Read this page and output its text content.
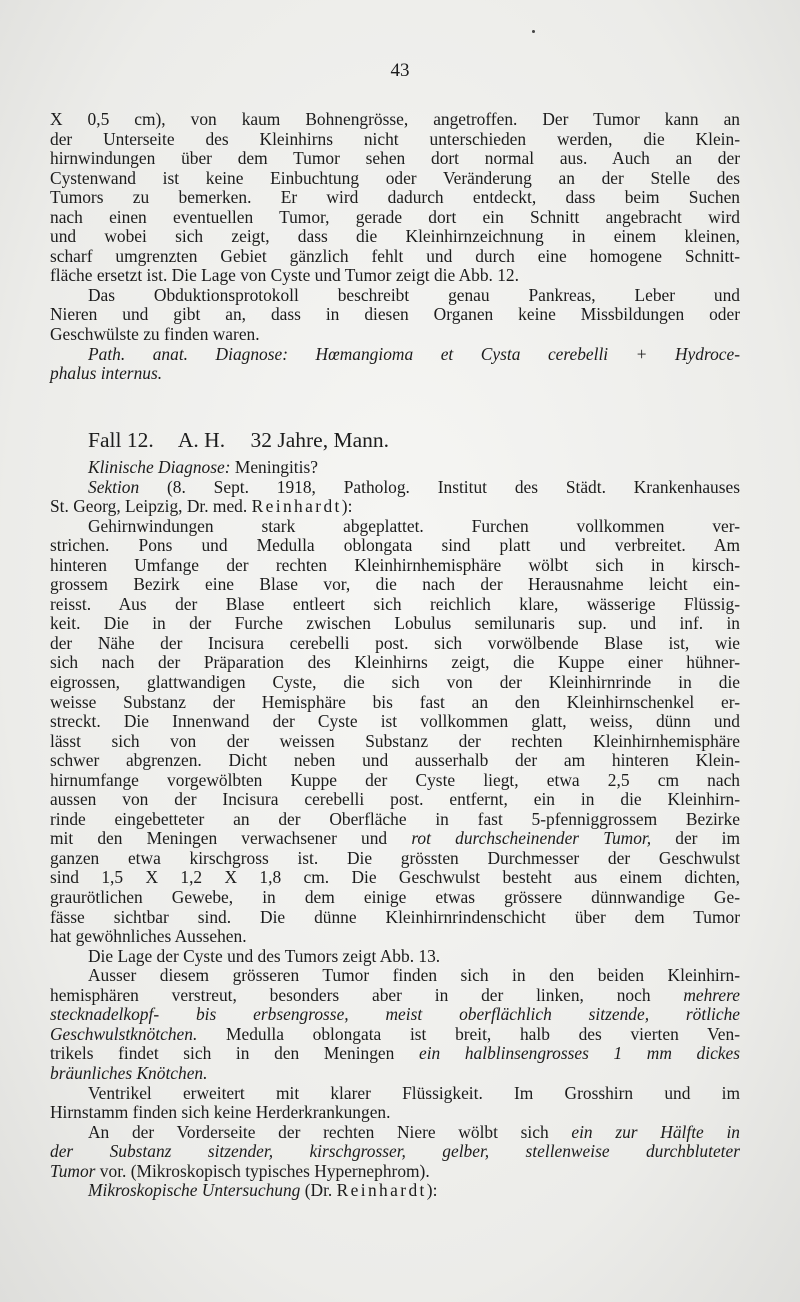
43
X 0,5 cm), von kaum Bohnengrösse, angetroffen. Der Tumor kann an
der Unterseite des Kleinhirns nicht unterschieden werden, die Klein-
hirnwindungen über dem Tumor sehen dort normal aus. Auch an der
Cystenwand ist keine Einbuchtung oder Veränderung an der Stelle des
Tumors zu bemerken. Er wird dadurch entdeckt, dass beim Suchen
nach einen eventuellen Tumor, gerade dort ein Schnitt angebracht wird
und wobei sich zeigt, dass die Kleinhirnzeichnung in einem kleinen,
scharf umgrenzten Gebiet gänzlich fehlt und durch eine homogene Schnitt-
fläche ersetzt ist. Die Lage von Cyste und Tumor zeigt die Abb. 12.
Das Obduktionsprotokoll beschreibt genau Pankreas, Leber und
Nieren und gibt an, dass in diesen Organen keine Missbildungen oder
Geschwülste zu finden waren.
Path. anat. Diagnose: Hœmangioma et Cysta cerebelli + Hydroce-
phalus internus.
Fall 12. A. H. 32 Jahre, Mann.
Klinische Diagnose: Meningitis?
Sektion (8. Sept. 1918, Patholog. Institut des Städt. Krankenhauses
St. Georg, Leipzig, Dr. med. Reinhardt):
Gehirnwindungen stark abgeplattet. Furchen vollkommen ver-
strichen. Pons und Medulla oblongata sind platt und verbreitet. Am
hinteren Umfange der rechten Kleinhirnhemisphäre wölbt sich in kirsch-
grossem Bezirk eine Blase vor, die nach der Herausnahme leicht ein-
reisst. Aus der Blase entleert sich reichlich klare, wässerige Flüssig-
keit. Die in der Furche zwischen Lobulus semilunaris sup. und inf. in
der Nähe der Incisura cerebelli post. sich vorwölbende Blase ist, wie
sich nach der Präparation des Kleinhirns zeigt, die Kuppe einer hühner-
eigrossen, glattwandigen Cyste, die sich von der Kleinhirnrinde in die
weisse Substanz der Hemisphäre bis fast an den Kleinhirnschenkel er-
streckt. Die Innenwand der Cyste ist vollkommen glatt, weiss, dünn und
lässt sich von der weissen Substanz der rechten Kleinhirnhemisphäre
schwer abgrenzen. Dicht neben und ausserhalb der am hinteren Klein-
hirnumfange vorgewölbten Kuppe der Cyste liegt, etwa 2,5 cm nach
aussen von der Incisura cerebelli post. entfernt, ein in die Kleinhirn-
rinde eingebetteter an der Oberfläche in fast 5-pfenniggrossem Bezirke
mit den Meningen verwachsener und rot durchscheinender Tumor, der im
ganzen etwa kirschgross ist. Die grössten Durchmesser der Geschwulst
sind 1,5 X 1,2 X 1,8 cm. Die Geschwulst besteht aus einem dichten,
graurötlichen Gewebe, in dem einige etwas grössere dünnwandige Ge-
fässe sichtbar sind. Die dünne Kleinhirnrindenschicht über dem Tumor
hat gewöhnliches Aussehen.
Die Lage der Cyste und des Tumors zeigt Abb. 13.
Ausser diesem grösseren Tumor finden sich in den beiden Kleinhirn-
hemisphären verstreut, besonders aber in der linken, noch mehrere
stecknadelkopf- bis erbsengrosse, meist oberflächlich sitzende, rötliche
Geschwulstknötchen. Medulla oblongata ist breit, halb des vierten Ven-
trikels findet sich in den Meningen ein halblinsengrosses 1 mm dickes
bräunliches Knötchen.
Ventrikel erweitert mit klarer Flüssigkeit. Im Grosshirn und im
Hirnstamm finden sich keine Herderkrankungen.
An der Vorderseite der rechten Niere wölbt sich ein zur Hälfte in
der Substanz sitzender, kirschgrosser, gelber, stellenweise durchbluteter
Tumor vor. (Mikroskopisch typisches Hypernephrom).
Mikroskopische Untersuchung (Dr. Reinhardt):
